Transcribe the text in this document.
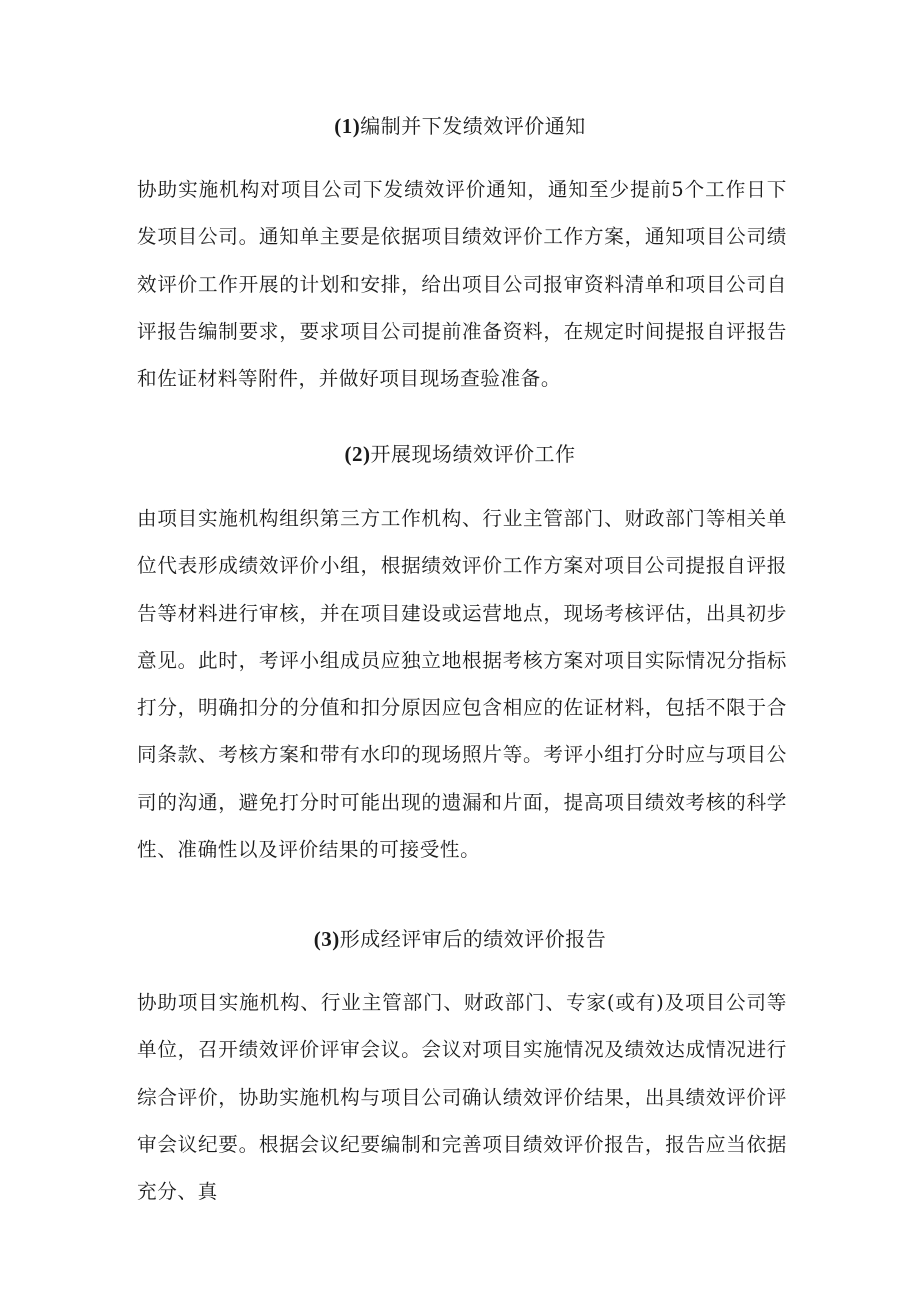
(1)编制并下发绩效评价通知

协助实施机构对项目公司下发绩效评价通知，通知至少提前5个工作日下发项目公司。通知单主要是依据项目绩效评价工作方案，通知项目公司绩效评价工作开展的计划和安排，给出项目公司报审资料清单和项目公司自评报告编制要求，要求项目公司提前准备资料，在规定时间提报自评报告和佐证材料等附件，并做好项目现场查验准备。

(2)开展现场绩效评价工作

由项目实施机构组织第三方工作机构、行业主管部门、财政部门等相关单位代表形成绩效评价小组，根据绩效评价工作方案对项目公司提报自评报告等材料进行审核，并在项目建设或运营地点，现场考核评估，出具初步意见。此时，考评小组成员应独立地根据考核方案对项目实际情况分指标打分，明确扣分的分值和扣分原因应包含相应的佐证材料，包括不限于合同条款、考核方案和带有水印的现场照片等。考评小组打分时应与项目公司的沟通，避免打分时可能出现的遗漏和片面，提高项目绩效考核的科学性、准确性以及评价结果的可接受性。

(3)形成经评审后的绩效评价报告

协助项目实施机构、行业主管部门、财政部门、专家(或有)及项目公司等单位，召开绩效评价评审会议。会议对项目实施情况及绩效达成情况进行综合评价，协助实施机构与项目公司确认绩效评价结果，出具绩效评价评审会议纪要。根据会议纪要编制和完善项目绩效评价报告，报告应当依据充分、真
